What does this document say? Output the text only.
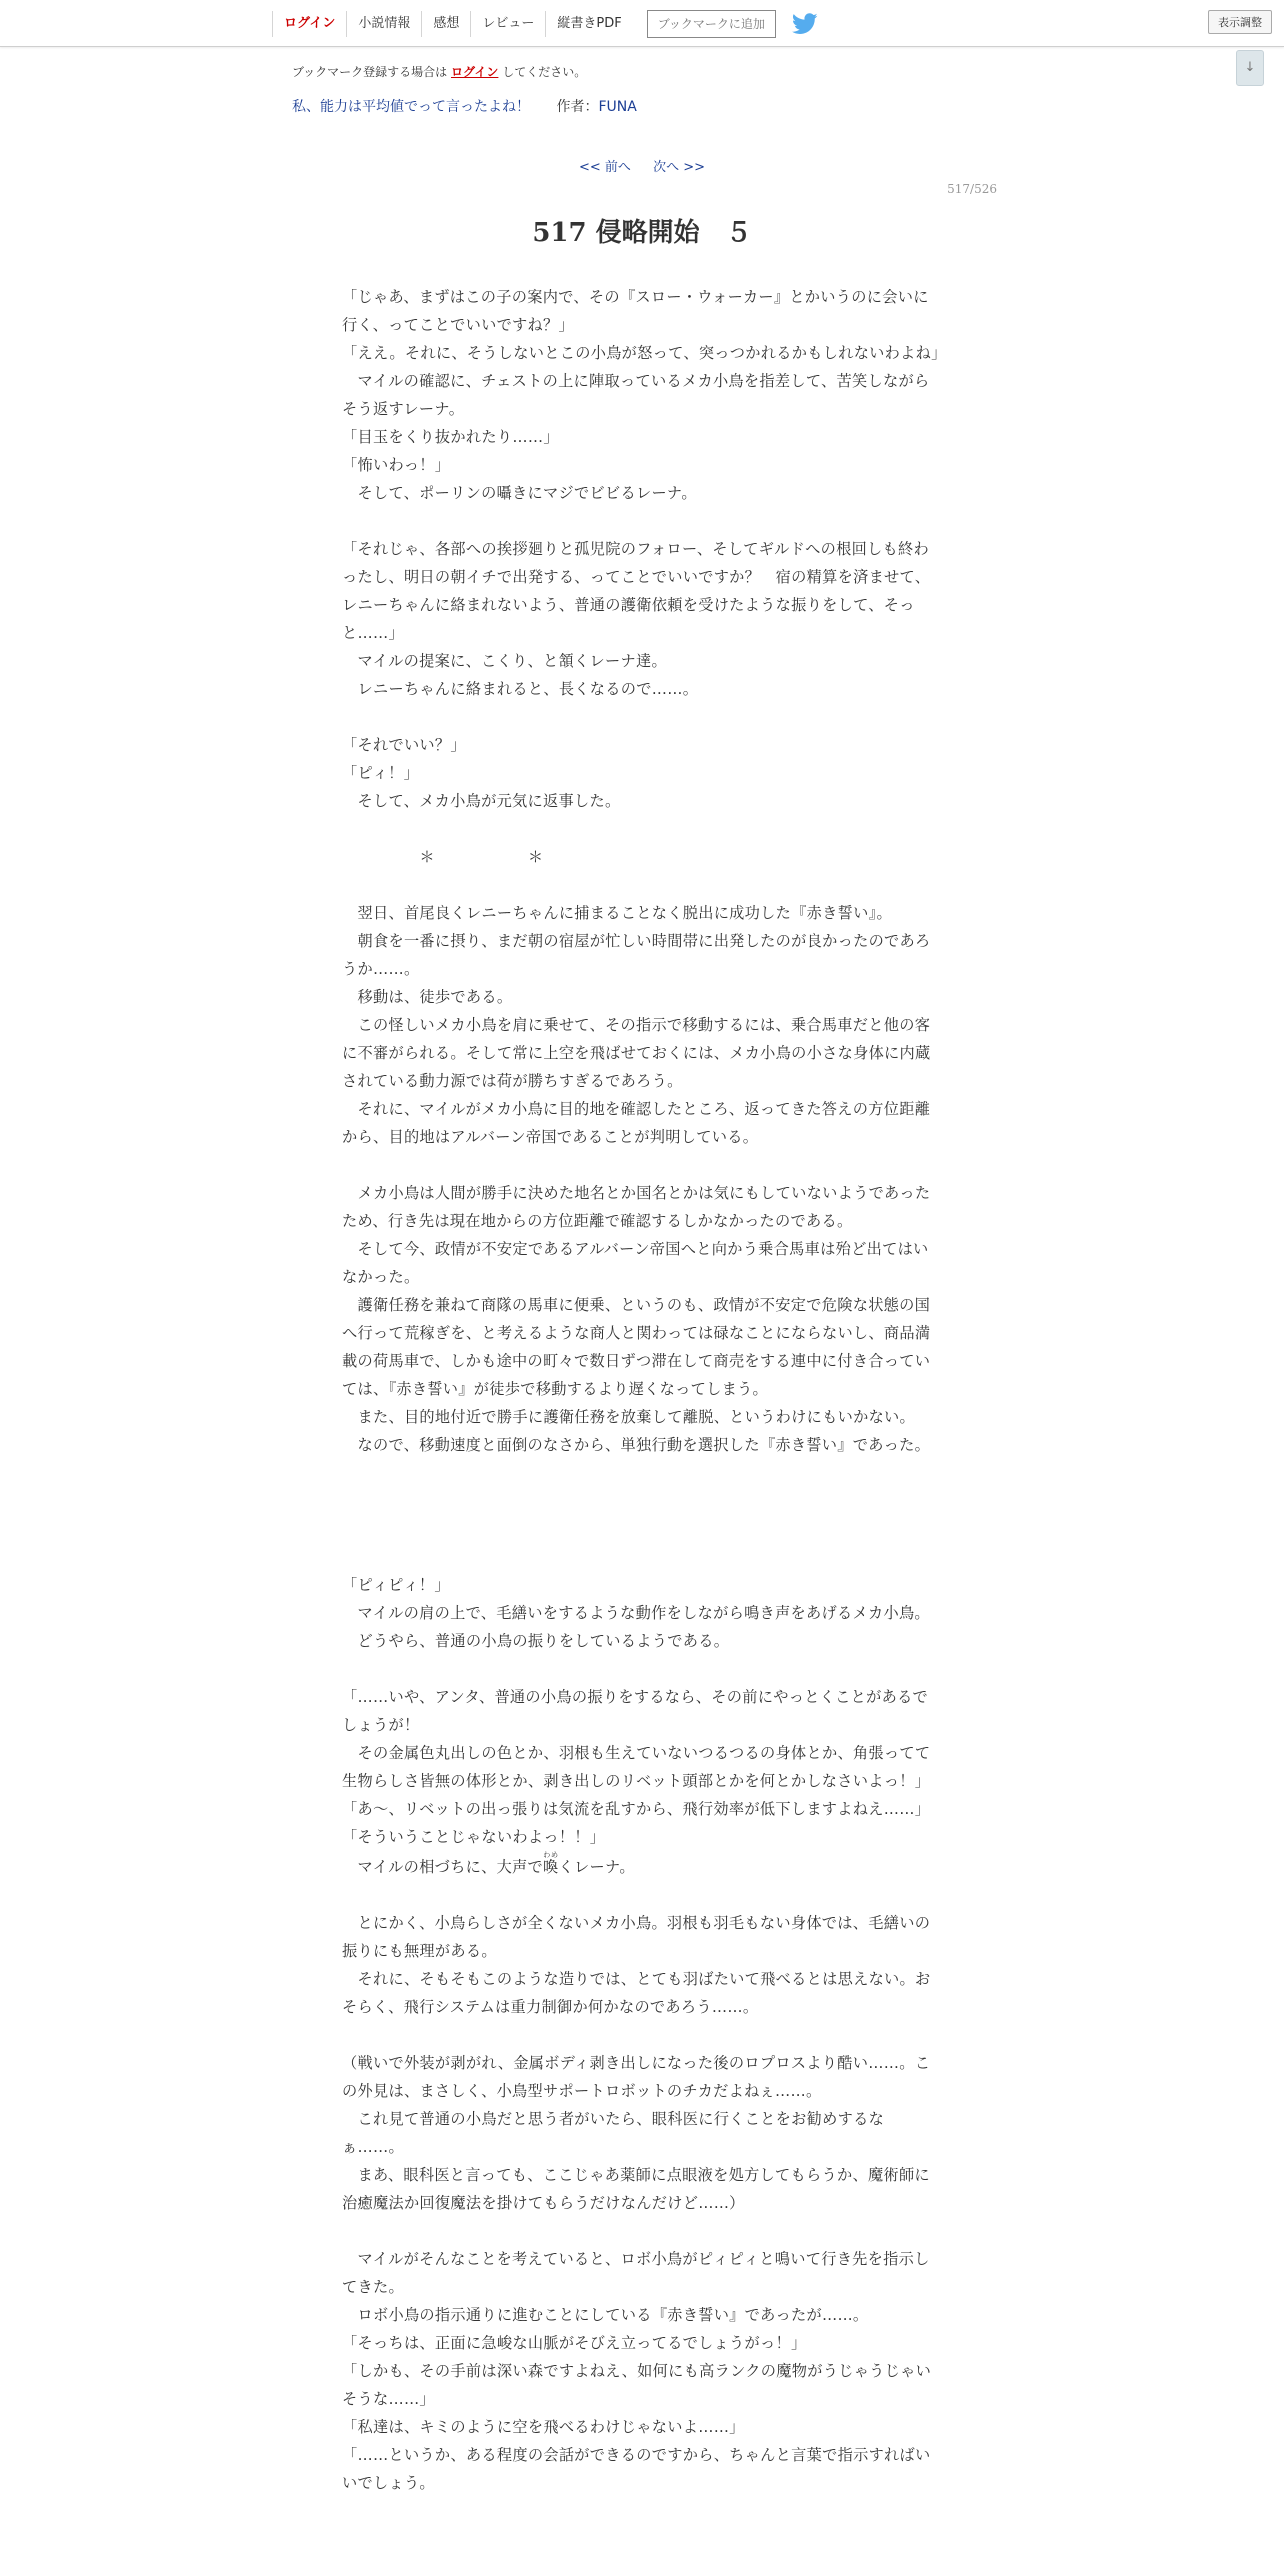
ログイン	小説情報	感想	レビュー	縦書きPDF	ブックマークに追加	表示調整
↓
ブックマーク登録する場合は ログイン してください。
私、能力は平均値でって言ったよね！ 作者：FUNA
<< 前へ 次へ >>
517/526
517 侵略開始　５

「じゃあ、まずはこの子の案内で、その『スロー・ウォーカー』とかいうのに会いに行く、ってことでいいですね？」

「ええ。それに、そうしないとこの小鳥が怒って、突っつかれるかもしれないわよね」

　マイルの確認に、チェストの上に陣取っているメカ小鳥を指差して、苦笑しながらそう返すレーナ。

「目玉をくり抜かれたり……」

「怖いわっ！」

　そして、ポーリンの囁きにマジでビビるレーナ。

「それじゃ、各部への挨拶廻りと孤児院のフォロー、そしてギルドへの根回しも終わったし、明日の朝イチで出発する、ってことでいいですか？　宿の精算を済ませて、レニーちゃんに絡まれないよう、普通の護衛依頼を受けたような振りをして、そっと……」

　マイルの提案に、こくり、と頷くレーナ達。

　レニーちゃんに絡まれると、長くなるので……。

「それでいい？」

「ピィ！」

　そして、メカ小鳥が元気に返事した。

　　　　　＊　　　　　　＊

　翌日、首尾良くレニーちゃんに捕まることなく脱出に成功した『赤き誓い』。

　朝食を一番に摂り、まだ朝の宿屋が忙しい時間帯に出発したのが良かったのであろうか……。

　移動は、徒歩である。

　この怪しいメカ小鳥を肩に乗せて、その指示で移動するには、乗合馬車だと他の客に不審がられる。そして常に上空を飛ばせておくには、メカ小鳥の小さな身体に内蔵されている動力源では荷が勝ちすぎるであろう。

　それに、マイルがメカ小鳥に目的地を確認したところ、返ってきた答えの方位距離から、目的地はアルバーン帝国であることが判明している。

　メカ小鳥は人間が勝手に決めた地名とか国名とかは気にもしていないようであったため、行き先は現在地からの方位距離で確認するしかなかったのである。

　そして今、政情が不安定であるアルバーン帝国へと向かう乗合馬車は殆ど出てはいなかった。

　護衛任務を兼ねて商隊の馬車に便乗、というのも、政情が不安定で危険な状態の国へ行って荒稼ぎを、と考えるような商人と関わっては碌なことにならないし、商品満載の荷馬車で、しかも途中の町々で数日ずつ滞在して商売をする連中に付き合っていては、『赤き誓い』が徒歩で移動するより遅くなってしまう。

　また、目的地付近で勝手に護衛任務を放棄して離脱、というわけにもいかない。

　なので、移動速度と面倒のなさから、単独行動を選択した『赤き誓い』であった。

「ピィピィ！」

　マイルの肩の上で、毛繕いをするような動作をしながら鳴き声をあげるメカ小鳥。

　どうやら、普通の小鳥の振りをしているようである。

「……いや、アンタ、普通の小鳥の振りをするなら、その前にやっとくことがあるでしょうが！

　その金属色丸出しの色とか、羽根も生えていないつるつるの身体とか、角張ってて生物らしさ皆無の体形とか、剥き出しのリベット頭部とかを何とかしなさいよっ！」

「あ～、リベットの出っ張りは気流を乱すから、飛行効率が低下しますよねえ……」

「そういうことじゃないわよっ！！」

　マイルの相づちに、大声で喚わめくレーナ。

　とにかく、小鳥らしさが全くないメカ小鳥。羽根も羽毛もない身体では、毛繕いの振りにも無理がある。

　それに、そもそもこのような造りでは、とても羽ばたいて飛べるとは思えない。おそらく、飛行システムは重力制御か何かなのであろう……。

（戦いで外装が剥がれ、金属ボディ剥き出しになった後のロプロスより酷い……。この外見は、まさしく、小鳥型サポートロボットのチカだよねぇ……。

　これ見て普通の小鳥だと思う者がいたら、眼科医に行くことをお勧めするなぁ……。

　まあ、眼科医と言っても、ここじゃあ薬師に点眼液を処方してもらうか、魔術師に治癒魔法か回復魔法を掛けてもらうだけなんだけど……）

　マイルがそんなことを考えていると、ロボ小鳥がピィピィと鳴いて行き先を指示してきた。

　ロボ小鳥の指示通りに進むことにしている『赤き誓い』であったが……。

「そっちは、正面に急峻な山脈がそびえ立ってるでしょうがっ！」

「しかも、その手前は深い森ですよねえ、如何にも高ランクの魔物がうじゃうじゃいそうな……」

「私達は、キミのように空を飛べるわけじゃないよ……」

「……というか、ある程度の会話ができるのですから、ちゃんと言葉で指示すればいいでしょう。
